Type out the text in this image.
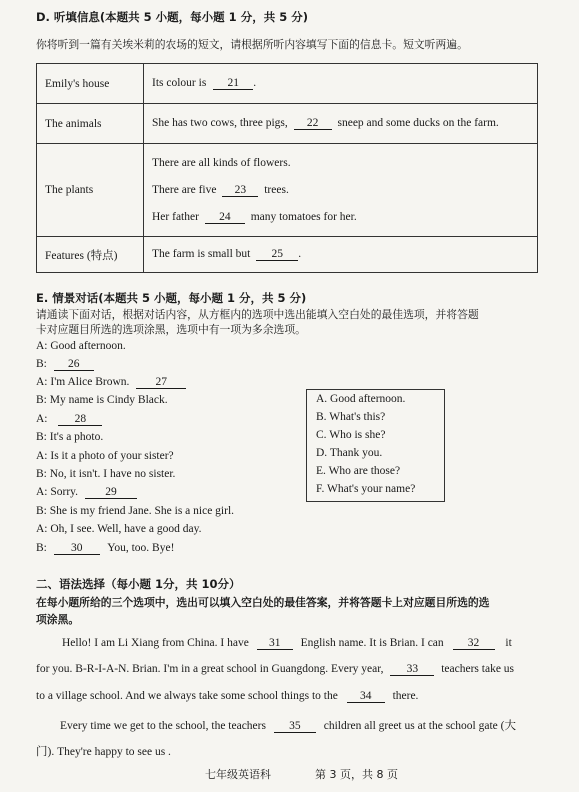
D. 听填信息(本题共 5 小题，每小题 1 分，共 5 分)
你将听到一篇有关埃米莉的农场的短文，请根据所听内容填写下面的信息卡。短文听两遍。
Emily's house	Its colour is 21 .
The animals	She has two cows, three pigs, 22 sneep and some ducks on the farm.
The plants	There are all kinds of flowers.
There are five 23 trees.
Her father 24 many tomatoes for her.

Features (特点)	The farm is small but 25 .
E. 情景对话(本题共 5 小题，每小题 1 分，共 5 分)
请通读下面对话，根据对话内容，从方框内的选项中选出能填入空白处的最佳选项，并将答题
卡对应题目所选的选项涂黑，选项中有一项为多余选项。
A: Good afternoon.
B: 26
A: I'm Alice Brown. 27
B: My name is Cindy Black.
A: 28
B: It's a photo.
A: Is it a photo of your sister?
B: No, it isn't. I have no sister.
A: Sorry. 29
B: She is my friend Jane. She is a nice girl.
A: Oh, I see. Well, have a good day.
B: 30 You, too. Bye!
A. Good afternoon.
B. What's this?
C. Who is she?
D. Thank you.
E. Who are those?
F. What's your name?
二、语法选择（每小题 1分，共 10分）
在每小题所给的三个选项中，选出可以填入空白处的最佳答案，并将答题卡上对应题目所选的选
项涂黑。
Hello! I am Li Xiang from China. I have 31 English name. It is Brian. I can 32 it
for you. B-R-I-A-N. Brian. I'm in a great school in Guangdong. Every year, 33 teachers take us
to a village school. And we always take some school things to the 34 there.
Every time we get to the school, the teachers 35 children all greet us at the school gate (大
门). They're happy to see us .
七年级英语科	第 3 页，共 8 页
